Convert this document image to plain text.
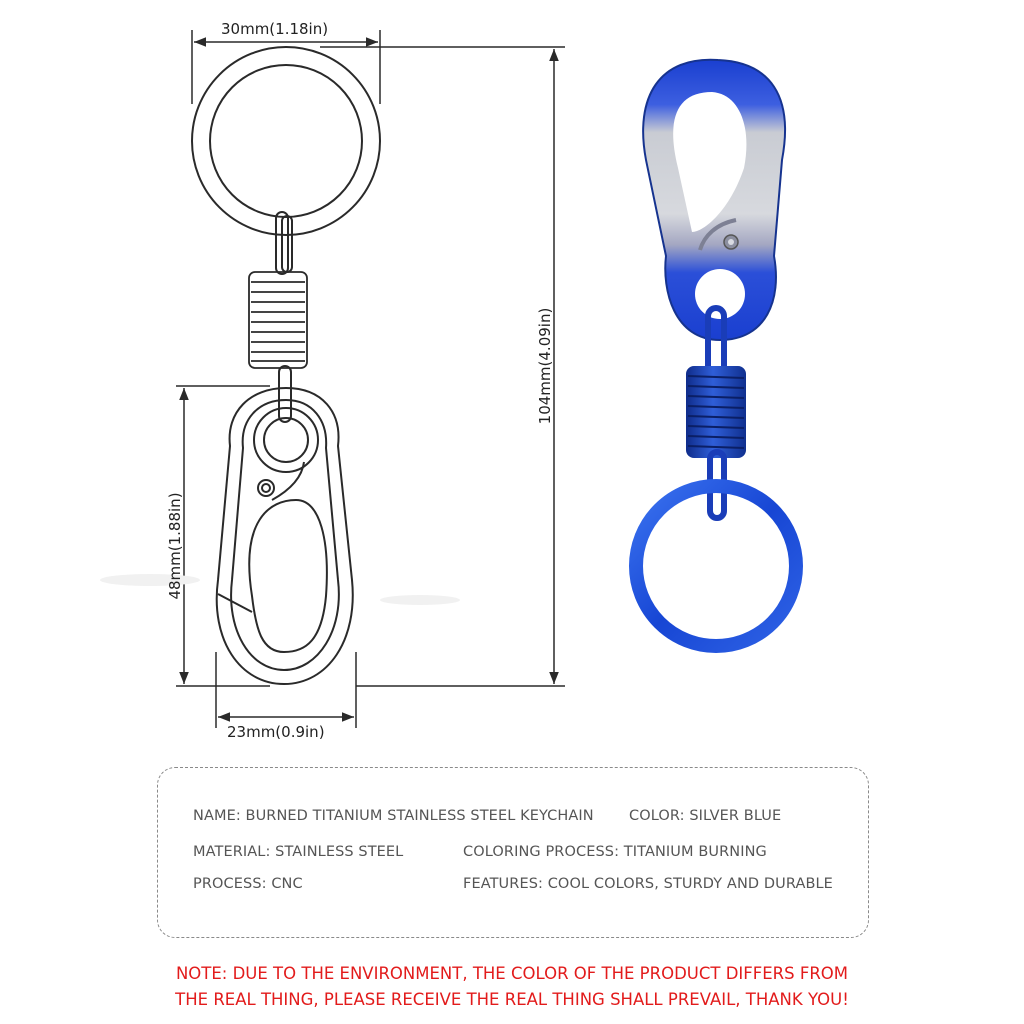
30mm(1.18in)
104mm(4.09in)
48mm(1.88in)
23mm(0.9in)
NAME: BURNED TITANIUM STAINLESS STEEL KEYCHAIN COLOR: SILVER BLUE
MATERIAL: STAINLESS STEEL	COLORING PROCESS: TITANIUM BURNING
PROCESS: CNC	FEATURES: COOL COLORS, STURDY AND DURABLE
NOTE: DUE TO THE ENVIRONMENT, THE COLOR OF THE PRODUCT DIFFERS FROM
THE REAL THING, PLEASE RECEIVE THE REAL THING SHALL PREVAIL, THANK YOU!
